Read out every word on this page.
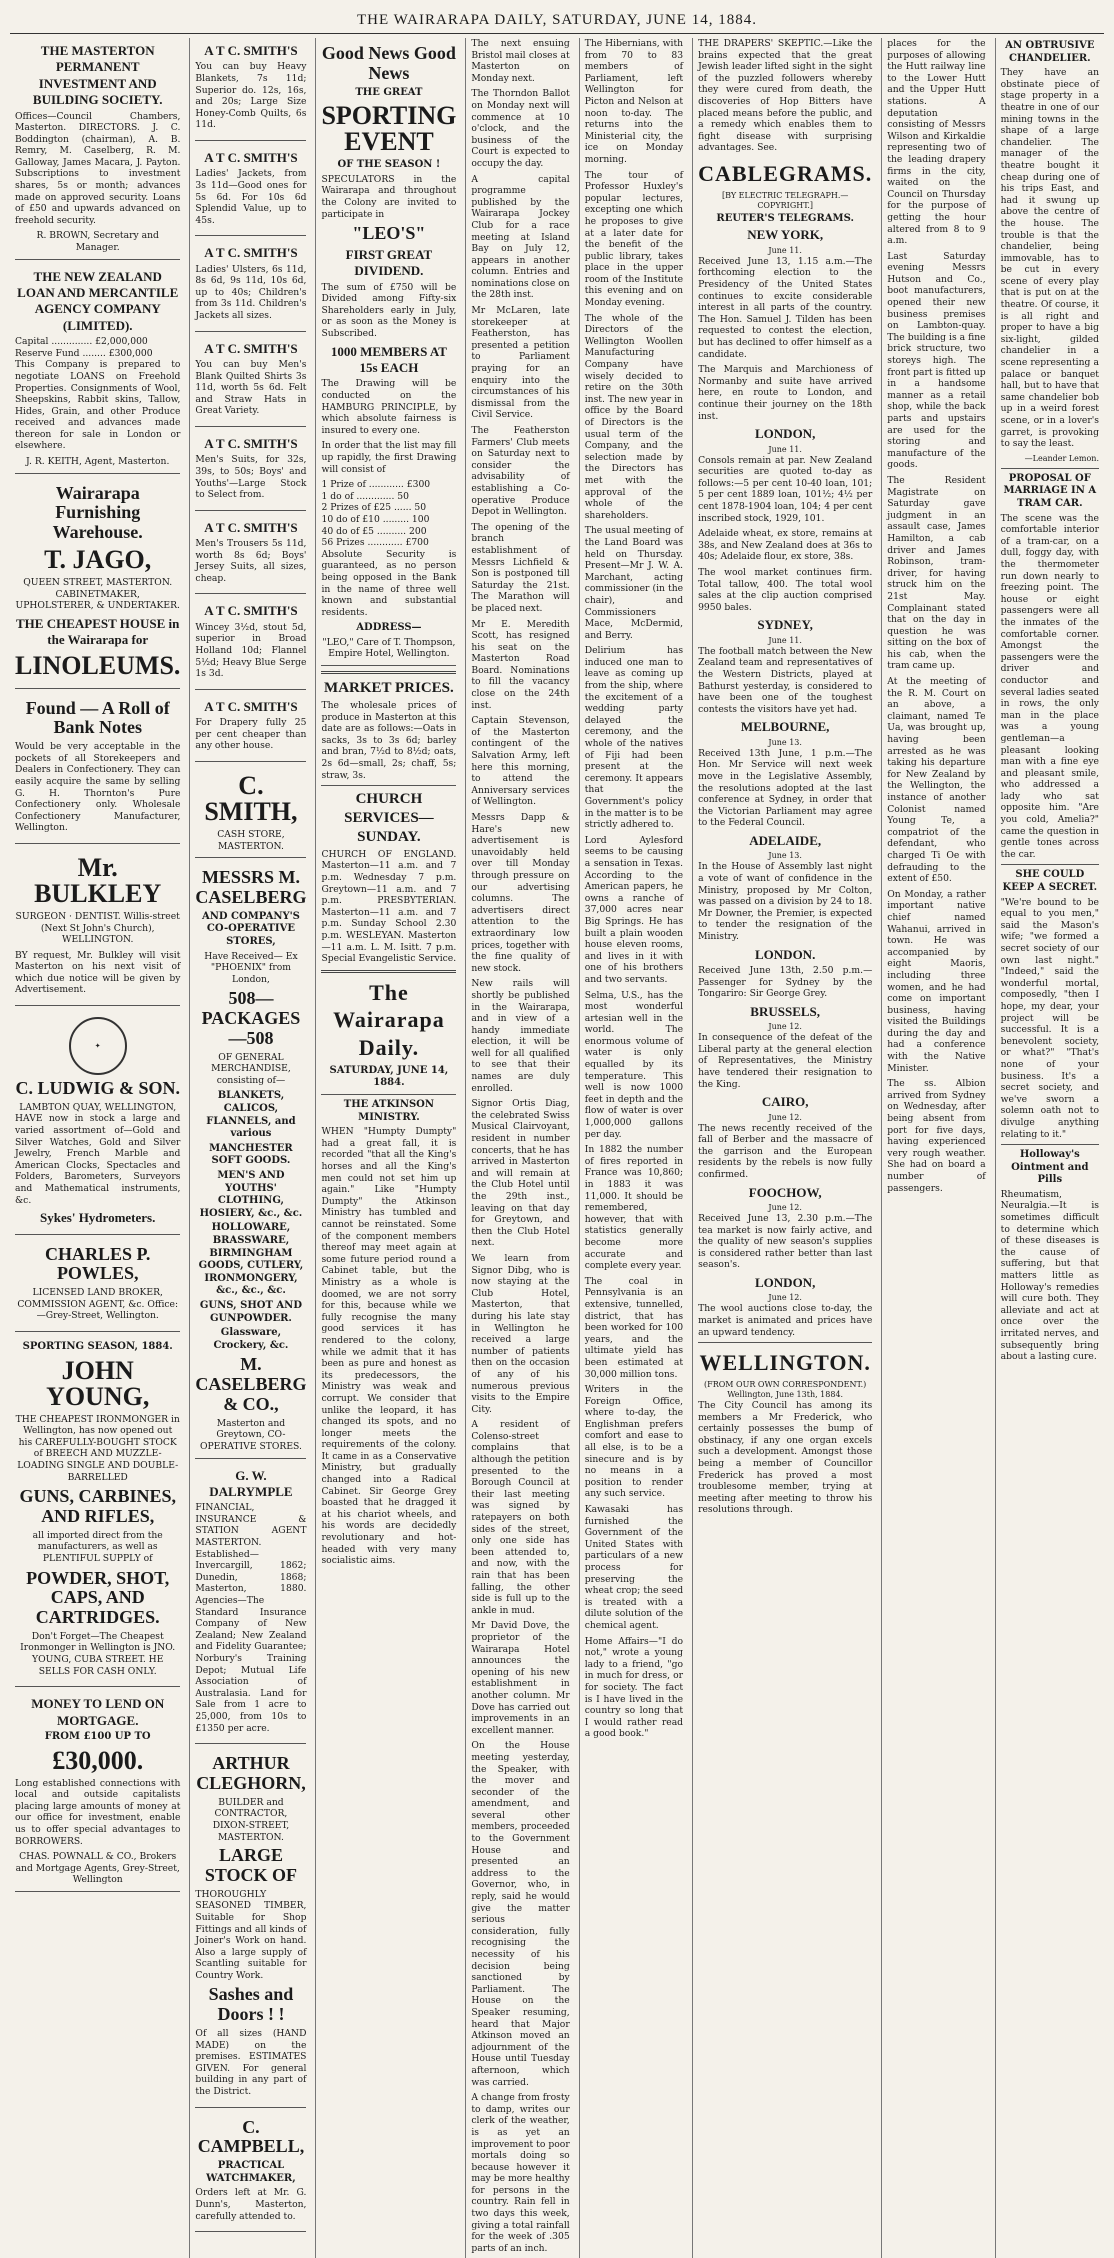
THE WAIRARAPA DAILY, SATURDAY, JUNE 14, 1884.
THE MASTERTON PERMANENT INVESTMENT AND BUILDING SOCIETY.

Offices—Council Chambers, Masterton. DIRECTORS. J. C. Boddington (chairman), A. B. Remry, M. Caselberg, R. M. Galloway, James Macara, J. Payton. Subscriptions to investment shares, 5s or month; advances made on approved security. Loans of £50 and upwards advanced on freehold security.

R. BROWN, Secretary and Manager.
THE NEW ZEALAND LOAN AND MERCANTILE AGENCY COMPANY (LIMITED).
Capital .............. £2,000,000
Reserve Fund ........ £300,000

This Company is prepared to negotiate LOANS on Freehold Properties. Consignments of Wool, Sheepskins, Rabbit skins, Tallow, Hides, Grain, and other Produce received and advances made thereon for sale in London or elsewhere.

J. R. KEITH, Agent, Masterton.
Wairarapa Furnishing Warehouse.
T. JAGO,

QUEEN STREET, MASTERTON. CABINETMAKER, UPHOLSTERER, & UNDERTAKER.

THE CHEAPEST HOUSE in the Wairarapa for
LINOLEUMS.
Found — A Roll of Bank Notes

Would be very acceptable in the pockets of all Storekeepers and Dealers in Confectionery. They can easily acquire the same by selling G. H. Thornton's Pure Confectionery only. Wholesale Confectionery Manufacturer, Wellington.

Mr. BULKLEY

SURGEON · DENTIST. Willis-street (Next St John's Church), WELLINGTON.

BY request, Mr. Bulkley will visit Masterton on his next visit of which due notice will be given by Advertisement.

✦
C. LUDWIG & SON.
LAMBTON QUAY, WELLINGTON,

HAVE now in stock a large and varied assortment of—Gold and Silver Watches, Gold and Silver Jewelry, French Marble and American Clocks, Spectacles and Folders, Barometers, Surveyors and Mathematical instruments, &c.

Sykes' Hydrometers.
CHARLES P. POWLES,

LICENSED LAND BROKER, COMMISSION AGENT, &c. Office:—Grey-Street, Wellington.

SPORTING SEASON, 1884.
JOHN YOUNG,

THE CHEAPEST IRONMONGER in Wellington, has now opened out his CAREFULLY-BOUGHT STOCK of BREECH AND MUZZLE-LOADING SINGLE AND DOUBLE-BARRELLED

GUNS, CARBINES, AND RIFLES,

all imported direct from the manufacturers, as well as PLENTIFUL SUPPLY of

POWDER, SHOT, CAPS, AND CARTRIDGES.

Don't Forget—The Cheapest Ironmonger in Wellington is JNO. YOUNG, CUBA STREET. HE SELLS FOR CASH ONLY.

MONEY TO LEND ON MORTGAGE.
FROM £100 UP TO
£30,000.

Long established connections with local and outside capitalists placing large amounts of money at our office for investment, enable us to offer special advantages to BORROWERS.

CHAS. POWNALL & CO., Brokers and Mortgage Agents, Grey-Street, Wellington
A T C. SMITH'S

You can buy Heavy Blankets, 7s 11d; Superior do. 12s, 16s, and 20s; Large Size Honey-Comb Quilts, 6s 11d.

A T C. SMITH'S

Ladies' Jackets, from 3s 11d—Good ones for 5s 6d. For 10s 6d Splendid Value, up to 45s.

A T C. SMITH'S

Ladies' Ulsters, 6s 11d, 8s 6d, 9s 11d, 10s 6d, up to 40s; Children's from 3s 11d. Children's Jackets all sizes.

A T C. SMITH'S

You can buy Men's Blank Quilted Shirts 3s 11d, worth 5s 6d. Felt and Straw Hats in Great Variety.

A T C. SMITH'S

Men's Suits, for 32s, 39s, to 50s; Boys' and Youths'—Large Stock to Select from.

A T C. SMITH'S

Men's Trousers 5s 11d, worth 8s 6d; Boys' Jersey Suits, all sizes, cheap.

A T C. SMITH'S

Wincey 3½d, stout 5d, superior in Broad Holland 10d; Flannel 5½d; Heavy Blue Serge 1s 3d.

A T C. SMITH'S

For Drapery fully 25 per cent cheaper than any other house.

C. SMITH,
CASH STORE, MASTERTON.
MESSRS M. CASELBERG
AND COMPANY'S CO-OPERATIVE STORES,

Have Received— Ex "PHOENIX" from London,

508—PACKAGES—508

OF GENERAL MERCHANDISE, consisting of—

BLANKETS, CALICOS, FLANNELS, and various
MANCHESTER SOFT GOODS.
MEN'S AND YOUTHS' CLOTHING, HOSIERY, &c., &c.
HOLLOWARE, BRASSWARE, BIRMINGHAM GOODS, CUTLERY, IRONMONGERY, &c., &c., &c.
GUNS, SHOT AND GUNPOWDER.
Glassware, Crockery, &c.
M. CASELBERG & CO.,
Masterton and Greytown, CO-OPERATIVE STORES.
G. W. DALRYMPLE

FINANCIAL, INSURANCE & STATION AGENT MASTERTON. Established—Invercargill, 1862; Dunedin, 1868; Masterton, 1880. Agencies—The Standard Insurance Company of New Zealand; New Zealand and Fidelity Guarantee; Norbury's Training Depot; Mutual Life Association of Australasia. Land for Sale from 1 acre to 25,000, from 10s to £1350 per acre.

ARTHUR CLEGHORN,
BUILDER and CONTRACTOR, DIXON-STREET, MASTERTON.
LARGE STOCK OF

THOROUGHLY SEASONED TIMBER, Suitable for Shop Fittings and all kinds of Joiner's Work on hand. Also a large supply of Scantling suitable for Country Work.

Sashes and Doors ! !

Of all sizes (HAND MADE) on the premises. ESTIMATES GIVEN. For general building in any part of the District.

C. CAMPBELL,
PRACTICAL WATCHMAKER,

Orders left at Mr. G. Dunn's, Masterton, carefully attended to.

Good News Good News
THE GREAT
SPORTING EVENT
OF THE SEASON !

SPECULATORS in the Wairarapa and throughout the Colony are invited to participate in

"LEO'S"
FIRST GREAT DIVIDEND.

The sum of £750 will be Divided among Fifty-six Shareholders early in July, or as soon as the Money is Subscribed.

1000 MEMBERS AT 15s EACH

The Drawing will be conducted on the HAMBURG PRINCIPLE, by which absolute fairness is insured to every one.

In order that the list may fill up rapidly, the first Drawing will consist of

1 Prize of ............ £300
1 do of ............. 50
2 Prizes of £25 ...... 50
10 do of £10 ......... 100
40 do of £5 .......... 200
56 Prizes ............ £700

Absolute Security is guaranteed, as no person being opposed in the Bank in the name of three well known and substantial residents.

ADDRESS—
"LEO," Care of T. Thompson, Empire Hotel, Wellington.
MARKET PRICES.

The wholesale prices of produce in Masterton at this date are as follows:—Oats in sacks, 3s to 3s 6d; barley and bran, 7½d to 8½d; oats, 2s 6d—small, 2s; chaff, 5s; straw, 3s.

CHURCH SERVICES—SUNDAY.

CHURCH OF ENGLAND. Masterton—11 a.m. and 7 p.m. Wednesday 7 p.m. Greytown—11 a.m. and 7 p.m. PRESBYTERIAN. Masterton—11 a.m. and 7 p.m. Sunday School 2.30 p.m. WESLEYAN. Masterton—11 a.m. L. M. Isitt. 7 p.m. Special Evangelistic Service.

The Wairarapa Daily.
SATURDAY, JUNE 14, 1884.
THE ATKINSON MINISTRY.

WHEN "Humpty Dumpty" had a great fall, it is recorded "that all the King's horses and all the King's men could not set him up again." Like "Humpty Dumpty" the Atkinson Ministry has tumbled and cannot be reinstated. Some of the component members thereof may meet again at some future period round a Cabinet table, but the Ministry as a whole is doomed, we are not sorry for this, because while we fully recognise the many good services it has rendered to the colony, while we admit that it has been as pure and honest as its predecessors, the Ministry was weak and corrupt. We consider that unlike the leopard, it has changed its spots, and no longer meets the requirements of the colony. It came in as a Conservative Ministry, but gradually changed into a Radical Cabinet. Sir George Grey boasted that he dragged it at his chariot wheels, and his words are decidedly revolutionary and hot-headed with very many socialistic aims.

The next ensuing Bristol mail closes at Masterton on Monday next.

The Thorndon Ballot on Monday next will commence at 10 o'clock, and the business of the Court is expected to occupy the day.

A capital programme published by the Wairarapa Jockey Club for a race meeting at Island Bay on July 12, appears in another column. Entries and nominations close on the 28th inst.

Mr McLaren, late storekeeper at Featherston, has presented a petition to Parliament praying for an enquiry into the circumstances of his dismissal from the Civil Service.

The Featherston Farmers' Club meets on Saturday next to consider the advisability of establishing a Co-operative Produce Depot in Wellington.

The opening of the branch establishment of Messrs Lichfield & Son is postponed till Saturday the 21st. The Marathon will be placed next.

Mr E. Meredith Scott, has resigned his seat on the Masterton Road Board. Nominations to fill the vacancy close on the 24th inst.

Captain Stevenson, of the Masterton contingent of the Salvation Army, left here this morning, to attend the Anniversary services of Wellington.

Messrs Dapp & Hare's new advertisement is unavoidably held over till Monday through pressure on our advertising columns. The advertisers direct attention to the extraordinary low prices, together with the fine quality of new stock.

New rails will shortly be published in the Wairarapa, and in view of a handy immediate election, it will be well for all qualified to see that their names are duly enrolled.

Signor Ortis Diag, the celebrated Swiss Musical Clairvoyant, resident in number concerts, that he has arrived in Masterton and will remain at the Club Hotel until the 29th inst., leaving on that day for Greytown, and then the Club Hotel next.

We learn from Signor Dibg, who is now staying at the Club Hotel, Masterton, that during his late stay in Wellington he received a large number of patients then on the occasion of any of his numerous previous visits to the Empire City.

A resident of Colenso-street complains that although the petition presented to the Borough Council at their last meeting was signed by ratepayers on both sides of the street, only one side has been attended to, and now, with the rain that has been falling, the other side is full up to the ankle in mud.

Mr David Dove, the proprietor of the Wairarapa Hotel announces the opening of his new establishment in another column. Mr Dove has carried out improvements in an excellent manner.

On the House meeting yesterday, the Speaker, with the mover and seconder of the amendment, and several other members, proceeded to the Government House and presented an address to the Governor, who, in reply, said he would give the matter serious consideration, fully recognising the necessity of his decision being sanctioned by Parliament. The House on the Speaker resuming, heard that Major Atkinson moved an adjournment of the House until Tuesday afternoon, which was carried.

A change from frosty to damp, writes our clerk of the weather, is as yet an improvement to poor mortals doing so because however it may be more healthy for persons in the country. Rain fell in two days this week, giving a total rainfall for the week of .305 parts of an inch.

The Hibernians, with from 70 to 83 members of Parliament, left Wellington for Picton and Nelson at noon to-day. The returns into the Ministerial city, the ice on Monday morning.

The tour of Professor Huxley's popular lectures, excepting one which he proposes to give at a later date for the benefit of the public library, takes place in the upper room of the Institute this evening and on Monday evening.

The whole of the Directors of the Wellington Woollen Manufacturing Company have wisely decided to retire on the 30th inst. The new year in office by the Board of Directors is the usual term of the Company, and the selection made by the Directors has met with the approval of the whole of the shareholders.

The usual meeting of the Land Board was held on Thursday. Present—Mr J. W. A. Marchant, acting commissioner (in the chair), and Commissioners Mace, McDermid, and Berry.

Delirium has induced one man to leave as coming up from the ship, where the excitement of a wedding party delayed the ceremony, and the whole of the natives of Fiji had been present at the ceremony. It appears that the Government's policy in the matter is to be strictly adhered to.

Lord Aylesford seems to be causing a sensation in Texas. According to the American papers, he owns a ranche of 37,000 acres near Big Springs. He has built a plain wooden house eleven rooms, and lives in it with one of his brothers and two servants.

Selma, U.S., has the most wonderful artesian well in the world. The enormous volume of water is only equalled by its temperature. This well is now 1000 feet in depth and the flow of water is over 1,000,000 gallons per day.

In 1882 the number of fires reported in France was 10,860; in 1883 it was 11,000. It should be remembered, however, that with statistics generally become more accurate and complete every year.

The coal in Pennsylvania is an extensive, tunnelled, district, that has been worked for 100 years, and the ultimate yield has been estimated at 30,000 million tons.

Writers in the Foreign Office, where to-day, the Englishman prefers comfort and ease to all else, is to be a sinecure and is by no means in a position to render any such service.

Kawasaki has furnished the Government of the United States with particulars of a new process for preserving the wheat crop; the seed is treated with a dilute solution of the chemical agent.

Home Affairs—"I do not," wrote a young lady to a friend, "go in much for dress, or for society. The fact is I have lived in the country so long that I would rather read a good book."

THE DRAPERS' SKEPTIC.—Like the brains expected that the great Jewish leader lifted sight in the sight of the puzzled followers whereby they were cured from death, the discoveries of Hop Bitters have placed means before the public, and a remedy which enables them to fight disease with surprising advantages. See.

CABLEGRAMS.
[BY ELECTRIC TELEGRAPH.—COPYRIGHT.]
REUTER'S TELEGRAMS.
NEW YORK,
June 11.

Received June 13, 1.15 a.m.—The forthcoming election to the Presidency of the United States continues to excite considerable interest in all parts of the country. The Hon. Samuel J. Tilden has been requested to contest the election, but has declined to offer himself as a candidate.

The Marquis and Marchioness of Normanby and suite have arrived here, en route to London, and continue their journey on the 18th inst.

LONDON,
June 11.

Consols remain at par. New Zealand securities are quoted to-day as follows:—5 per cent 10-40 loan, 101; 5 per cent 1889 loan, 101½; 4½ per cent 1878-1904 loan, 104; 4 per cent inscribed stock, 1929, 101.

Adelaide wheat, ex store, remains at 38s, and New Zealand does at 36s to 40s; Adelaide flour, ex store, 38s.

The wool market continues firm. Total tallow, 400. The total wool sales at the clip auction comprised 9950 bales.

SYDNEY,
June 11.

The football match between the New Zealand team and representatives of the Western Districts, played at Bathurst yesterday, is considered to have been one of the toughest contests the visitors have yet had.

MELBOURNE,
June 13.

Received 13th June, 1 p.m.—The Hon. Mr Service will next week move in the Legislative Assembly, the resolutions adopted at the last conference at Sydney, in order that the Victorian Parliament may agree to the Federal Council.

ADELAIDE,
June 13.

In the House of Assembly last night a vote of want of confidence in the Ministry, proposed by Mr Colton, was passed on a division by 24 to 18. Mr Downer, the Premier, is expected to tender the resignation of the Ministry.

LONDON.

Received June 13th, 2.50 p.m.—Passenger for Sydney by the Tongariro: Sir George Grey.

BRUSSELS,
June 12.

In consequence of the defeat of the Liberal party at the general election of Representatives, the Ministry have tendered their resignation to the King.

CAIRO,
June 12.

The news recently received of the fall of Berber and the massacre of the garrison and the European residents by the rebels is now fully confirmed.

FOOCHOW,
June 12.

Received June 13, 2.30 p.m.—The tea market is now fairly active, and the quality of new season's supplies is considered rather better than last season's.

LONDON,
June 12.

The wool auctions close to-day, the market is animated and prices have an upward tendency.

WELLINGTON.
(FROM OUR OWN CORRESPONDENT.)
Wellington, June 13th, 1884.

The City Council has among its members a Mr Frederick, who certainly possesses the bump of obstinacy, if any one organ excels such a development. Amongst those being a member of Councillor Frederick has proved a most troublesome member, trying at meeting after meeting to throw his resolutions through.

places for the purposes of allowing the Hutt railway line to the Lower Hutt and the Upper Hutt stations. A deputation consisting of Messrs Wilson and Kirkaldie representing two of the leading drapery firms in the city, waited on the Council on Thursday for the purpose of getting the hour altered from 8 to 9 a.m.

Last Saturday evening Messrs Hutson and Co., boot manufacturers, opened their new business premises on Lambton-quay. The building is a fine brick structure, two storeys high. The front part is fitted up in a handsome manner as a retail shop, while the back parts and upstairs are used for the storing and manufacture of the goods.

The Resident Magistrate on Saturday gave judgment in an assault case, James Hamilton, a cab driver and James Robinson, tram-driver, for having struck him on the 21st May. Complainant stated that on the day in question he was sitting on the box of his cab, when the tram came up.

At the meeting of the R. M. Court on an above, a claimant, named Te Ua, was brought up, having been arrested as he was taking his departure for New Zealand by the Wellington, the instance of another Colonist named Young Te, a compatriot of the defendant, who charged Ti Oe with defrauding to the extent of £50.

On Monday, a rather important native chief named Wahanui, arrived in town. He was accompanied by eight Maoris, including three women, and he had come on important business, having visited the Buildings during the day and had a conference with the Native Minister.

The ss. Albion arrived from Sydney on Wednesday, after being absent from port for five days, having experienced very rough weather. She had on board a number of passengers.

AN OBTRUSIVE CHANDELIER.

They have an obstinate piece of stage property in a theatre in one of our mining towns in the shape of a large chandelier. The manager of the theatre bought it cheap during one of his trips East, and had it swung up above the centre of the house. The trouble is that the chandelier, being immovable, has to be cut in every scene of every play that is put on at the theatre. Of course, it is all right and proper to have a big six-light, gilded chandelier in a scene representing a palace or banquet hall, but to have that same chandelier bob up in a weird forest scene, or in a lover's garret, is provoking to say the least.

—Leander Lemon.
PROPOSAL OF MARRIAGE IN A TRAM CAR.

The scene was the comfortable interior of a tram-car, on a dull, foggy day, with the thermometer run down nearly to freezing point. The house or eight passengers were all the inmates of the comfortable corner. Amongst the passengers were the driver and conductor and several ladies seated in rows, the only man in the place was a young gentleman—a pleasant looking man with a fine eye and pleasant smile, who addressed a lady who sat opposite him. "Are you cold, Amelia?" came the question in gentle tones across the car.

SHE COULD KEEP A SECRET.

"We're bound to be equal to you men," said the Mason's wife; "we formed a secret society of our own last night." "Indeed," said the wonderful mortal, composedly, "then I hope, my dear, your project will be successful. It is a benevolent society, or what?" "That's none of your business. It's a secret society, and we've sworn a solemn oath not to divulge anything relating to it."

Holloway's Ointment and Pills

Rheumatism, Neuralgia.—It is sometimes difficult to determine which of these diseases is the cause of suffering, but that matters little as Holloway's remedies will cure both. They alleviate and act at once over the irritated nerves, and subsequently bring about a lasting cure.
